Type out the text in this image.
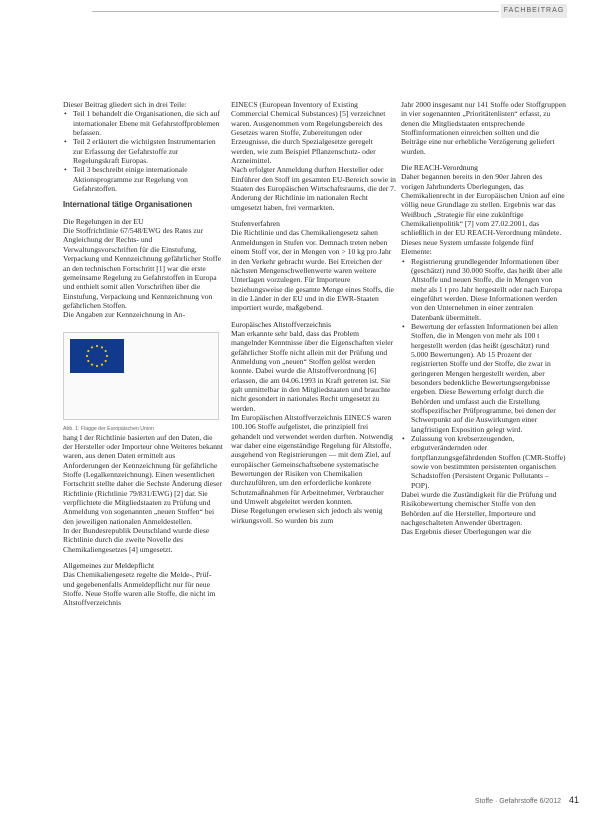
FACHBEITRAG

Dieser Beitrag gliedert sich in drei Teile:

• Teil 1 behandelt die Organisationen, die sich auf internationaler Ebene mit Gefahrstoffproblemen befassen.
• Teil 2 erläutert die wichtigsten Instrumentarien zur Erfassung der Gefahrstoffe zur Regelungskraft Europas.
• Teil 3 beschreibt einige internationale Aktionsprogramme zur Regelung von Gefahrstoffen.

International tätige Organisationen

Die Regelungen in der EU

Die Stoffrichtlinie 67/548/EWG des Rates zur Angleichung der Rechts- und Verwaltungsvorschriften für die Einstufung, Verpackung und Kennzeichnung gefährlicher Stoffe an den technischen Fortschritt [1] war die erste gemeinsame Regelung zu Gefahrstoffen in Europa und enthielt somit allen Vorschriften über die Einstufung, Verpackung und Kennzeichnung von gefährlichen Stoffen.

Die Angaben zur Kennzeichnung in An-

Abb. 1: Flagge der Europäischen Union

hang I der Richtlinie basierten auf den Daten, die der Hersteller oder Importeur ohne Weiteres bekannt waren, aus denen Daten ermittelt aus Anforderungen der Kennzeichnung für gefährliche Stoffe (Legalkennzeichnung). Einen wesentlichen Fortschritt stellte daher die Sechste Änderung dieser Richtlinie (Richtlinie 79/831/EWG) [2] dar. Sie verpflichtete die Mitgliedstaaten zu Prüfung und Anmeldung von sogenannten „neuen Stoffen“ bei den jeweiligen nationalen Anmeldestellen.

In der Bundesrepublik Deutschland wurde diese Richtlinie durch die zweite Novelle des Chemikaliengesetzes [4] umgesetzt.

Allgemeines zur Meldepflicht

Das Chemikaliengesetz regelte die Melde-, Prüf- und gegebenenfalls Anmeldepflicht nur für neue Stoffe. Neue Stoffe waren alle Stoffe, die nicht im Altstoffverzeichnis

EINECS (European Inventory of Existing Commercial Chemical Substances) [5] verzeichnet waren. Ausgenommen vom Regelungsbereich des Gesetzes waren Stoffe, Zubereitungen oder Erzeugnisse, die durch Spezialgesetze geregelt werden, wie zum Beispiel Pflanzenschutz- oder Arzneimittel.

Nach erfolgter Anmeldung durften Hersteller oder Einführer den Stoff im gesamten EU-Bereich sowie in Staaten des Europäischen Wirtschaftsraums, die der 7. Änderung der Richtlinie im nationalen Recht umgesetzt haben, frei vermarkten.

Stufenverfahren

Die Richtlinie und das Chemikaliengesetz sahen Anmeldungen in Stufen vor. Demnach treten neben einem Stoff vor, der in Mengen von > 10 kg pro Jahr in den Verkehr gebracht wurde. Bei Erreichen der nächsten Mengenschwellenwerte waren weitere Unterlagen vorzulegen. Für Importeure beziehungsweise die gesamte Menge eines Stoffs, die in die Länder in der EU und in die EWR-Staaten importiert wurde, maßgebend.

Europäisches Altstoffverzeichnis

Man erkannte sehr bald, dass das Problem mangelnder Kenntnisse über die Eigenschaften vieler gefährlicher Stoffe nicht allein mit der Prüfung und Anmeldung von „neuen“ Stoffen gelöst werden konnte. Dabei wurde die Altstoffverordnung [6] erlassen, die am 04.06.1993 in Kraft getreten ist. Sie galt unmittelbar in den Mitgliedstaaten und brauchte nicht gesondert in nationales Recht umgesetzt zu werden.

Im Europäischen Altstoffverzeichnis EINECS waren 100.106 Stoffe aufgelistet, die prinzipiell frei gehandelt und verwendet werden durften. Notwendig war daher eine eigenständige Regelung für Altstoffe, ausgehend von Registrierungen — mit dem Ziel, auf europäischer Gemeinschaftsebene systematische Bewertungen der Risiken von Chemikalien durchzuführen, um den erforderliche konkrete Schutzmaßnahmen für Arbeitnehmer, Verbraucher und Umwelt abgeleitet werden konnten.

Diese Regelungen erwiesen sich jedoch als wenig wirkungsvoll. So wurden bis zum

Jahr 2000 insgesamt nur 141 Stoffe oder Stoffgruppen in vier sogenannten „Prioritätenlisten“ erfasst, zu denen die Mitgliedstaaten entsprechende Stoffinformationen einreichen sollten und die Beiträge eine nur erhebliche Verzögerung geliefert wurden.

Die REACH-Verordnung

Daher begannen bereits in den 90er Jahren des vorigen Jahrhunderts Überlegungen, das Chemikalienrecht in der Europäischen Union auf eine völlig neue Grundlage zu stellen. Ergebnis war das Weißbuch „Strategie für eine zukünftige Chemikalienpolitik“ [7] vom 27.02.2001, das schließlich in der EU REACH-Verordnung mündete.

Dieses neue System umfasste folgende fünf Elemente:

• Registrierung grundlegender Informationen über (geschätzt) rund 30.000 Stoffe, das heißt über alle Altstoffe und neuen Stoffe, die in Mengen von mehr als 1 t pro Jahr hergestellt oder nach Europa eingeführt werden. Diese Informationen werden von den Unternehmen in einer zentralen Datenbank übermittelt.
• Bewertung der erfassten Informationen bei allen Stoffen, die in Mengen von mehr als 100 t hergestellt werden (das heißt (geschätzt) rund 5.000 Bewertungen). Ab 15 Prozent der registrierten Stoffe und der Stoffe, die zwar in geringeren Mengen hergestellt werden, aber besonders bedenkliche Bewertungsergebnisse ergeben. Diese Bewertung erfolgt durch die Behörden und umfasst auch die Erstellung stoffspezifischer Prüfprogramme, bei denen der Schwerpunkt auf die Auswirkungen einer langfristigen Exposition gelegt wird.
• Zulassung von krebserzeugenden, erbgutverändernden oder fortpflanzungsgefährdenden Stoffen (CMR-Stoffe) sowie von bestimmten persistenten organischen Schadstoffen (Persistent Organic Pollutants – POP).

Dabei wurde die Zuständigkeit für die Prüfung und Risikobewertung chemischer Stoffe von den Behörden auf die Hersteller, Importeure und nachgeschalteten Anwender übertragen.

Das Ergebnis dieser Überlegungen war die

Stoffe · Gefahrstoffe 6/2012 41
